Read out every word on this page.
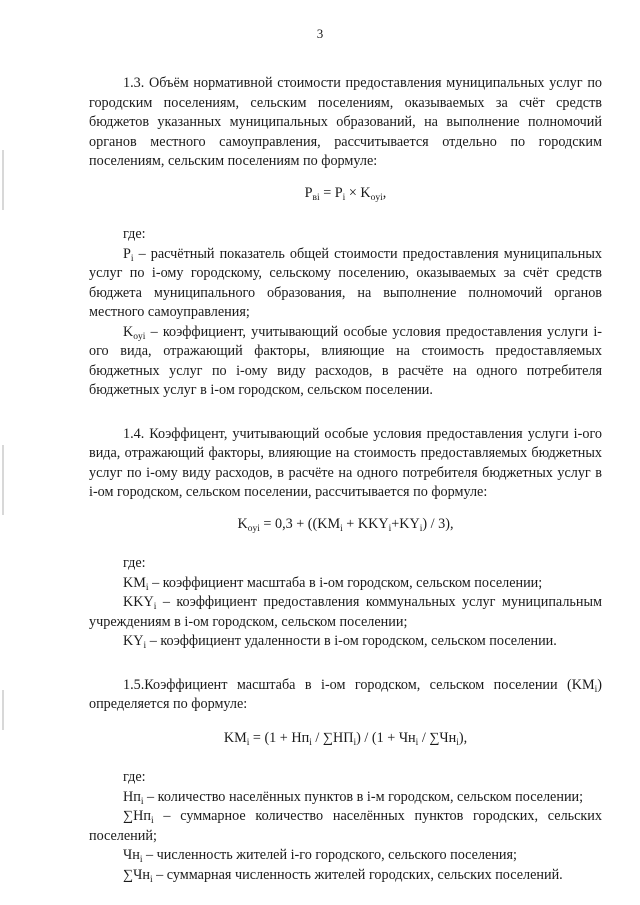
3

1.3. Объём нормативной стоимости предоставления муниципальных услуг по городским поселениям, сельским поселениям, оказываемых за счёт средств бюджетов указанных муниципальных образований, на выполнение полномочий органов местного самоуправления, рассчитывается отдельно по городским поселениям, сельским поселениям по формуле:

$P_{вi} = P_i \times K_{oyi}$,

где:

$P_i$ – расчётный показатель общей стоимости предоставления муниципальных услуг по i-ому городскому, сельскому поселению, оказываемых за счёт средств бюджета муниципального образования, на выполнение полномочий органов местного самоуправления;

$K_{oyi}$ – коэффициент, учитывающий особые условия предоставления услуги i-ого вида, отражающий факторы, влияющие на стоимость предоставляемых бюджетных услуг по i-ому виду расходов, в расчёте на одного потребителя бюджетных услуг в i-ом городском, сельском поселении.

1.4. Коэффицент, учитывающий особые условия предоставления услуги i-ого вида, отражающий факторы, влияющие на стоимость предоставляемых бюджетных услуг по i-ому виду расходов, в расчёте на одного потребителя бюджетных услуг в i-ом городском, сельском поселении, рассчитывается по формуле:

$K_{oyi} = 0,3 + ((KM_i + KKY_i+KY_i) / 3)$,

где:

$KM_i$ – коэффициент масштаба в i-ом городском, сельском поселении;

$KKY_i$ – коэффициент предоставления коммунальных услуг муниципальным учреждениям в i-ом городском, сельском поселении;

$KY_i$ – коэффициент удаленности в i-ом городском, сельском поселении.

1.5.Коэффициент масштаба в i-ом городском, сельском поселении $(KM_i)$ определяется по формуле:

$KM_i = (1 + Нп_i / \sum НП_i) / (1 + Чн_i / \sum Чн_i)$,

где:

$Нп_i$ – количество населённых пунктов в i-м городском, сельском поселении;

$\sum Нп_i$ – суммарное количество населённых пунктов городских, сельских поселений;

$Чн_i$ – численность жителей i-го городского, сельского поселения;

$\sum Чн_i$ – суммарная численность жителей городских, сельских поселений.
